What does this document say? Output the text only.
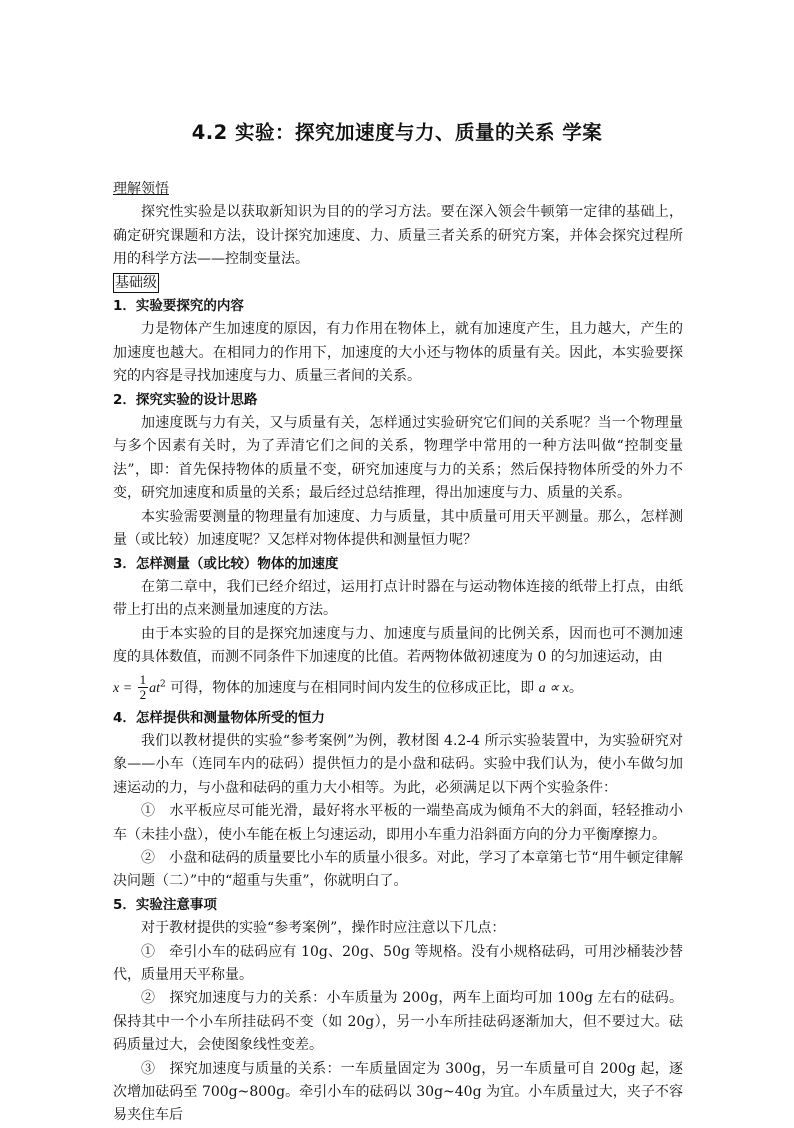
4.2 实验：探究加速度与力、质量的关系 学案

理解领悟

探究性实验是以获取新知识为目的的学习方法。要在深入领会牛顿第一定律的基础上，确定研究课题和方法，设计探究加速度、力、质量三者关系的研究方案，并体会探究过程所用的科学方法——控制变量法。

基础级

1．实验要探究的内容

力是物体产生加速度的原因，有力作用在物体上，就有加速度产生，且力越大，产生的加速度也越大。在相同力的作用下，加速度的大小还与物体的质量有关。因此，本实验要探究的内容是寻找加速度与力、质量三者间的关系。

2．探究实验的设计思路

加速度既与力有关，又与质量有关，怎样通过实验研究它们间的关系呢？当一个物理量与多个因素有关时，为了弄清它们之间的关系，物理学中常用的一种方法叫做“控制变量法”，即：首先保持物体的质量不变，研究加速度与力的关系；然后保持物体所受的外力不变，研究加速度和质量的关系；最后经过总结推理，得出加速度与力、质量的关系。

本实验需要测量的物理量有加速度、力与质量，其中质量可用天平测量。那么，怎样测量（或比较）加速度呢？又怎样对物体提供和测量恒力呢？

3．怎样测量（或比较）物体的加速度

在第二章中，我们已经介绍过，运用打点计时器在与运动物体连接的纸带上打点，由纸带上打出的点来测量加速度的方法。

由于本实验的目的是探究加速度与力、加速度与质量间的比例关系，因而也可不测加速度的具体数值，而测不同条件下加速度的比值。若两物体做初速度为 0 的匀加速运动，由

$x = \frac{1}{2} at^2$ 可得，物体的加速度与在相同时间内发生的位移成正比，即 a ∝ x。

4．怎样提供和测量物体所受的恒力

我们以教材提供的实验“参考案例”为例，教材图 4.2-4 所示实验装置中，为实验研究对象——小车（连同车内的砝码）提供恒力的是小盘和砝码。实验中我们认为，使小车做匀加速运动的力，与小盘和砝码的重力大小相等。为此，必须满足以下两个实验条件：

①　水平板应尽可能光滑，最好将水平板的一端垫高成为倾角不大的斜面，轻轻推动小车（未挂小盘），使小车能在板上匀速运动，即用小车重力沿斜面方向的分力平衡摩擦力。

②　小盘和砝码的质量要比小车的质量小很多。对此，学习了本章第七节“用牛顿定律解决问题（二）”中的“超重与失重”，你就明白了。

5．实验注意事项

对于教材提供的实验“参考案例”，操作时应注意以下几点：

①　牵引小车的砝码应有 10g、20g、50g 等规格。没有小规格砝码，可用沙桶装沙替代，质量用天平称量。

②　探究加速度与力的关系：小车质量为 200g，两车上面均可加 100g 左右的砝码。保持其中一个小车所挂砝码不变（如 20g），另一小车所挂砝码逐渐加大，但不要过大。砝码质量过大，会使图象线性变差。

③　探究加速度与质量的关系：一车质量固定为 300g，另一车质量可自 200g 起，逐次增加砝码至 700g~800g。牵引小车的砝码以 30g~40g 为宜。小车质量过大，夹子不容易夹住车后
